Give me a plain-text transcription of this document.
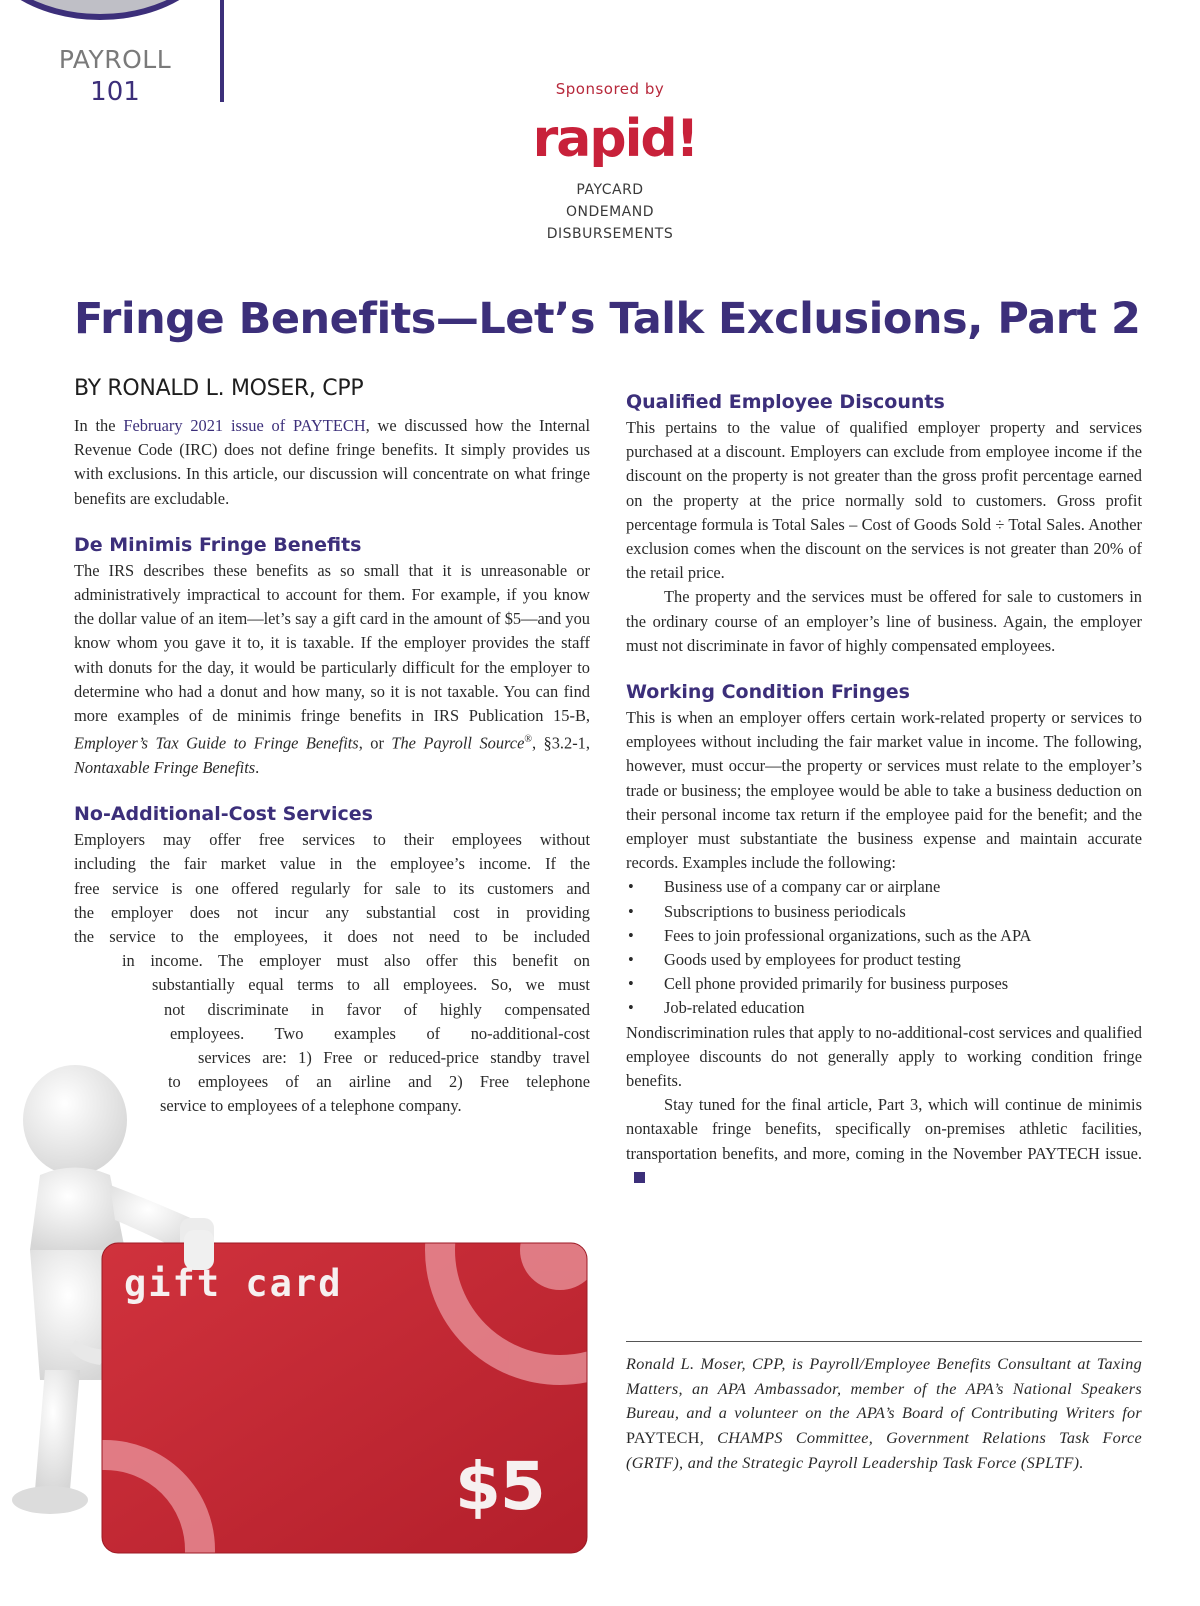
PAYROLL
101	Sponsored by
rapid!
PAYCARD
ONDEMAND
DISBURSEMENTS
Fringe Benefits—Let’s Talk Exclusions, Part 2
BY RONALD L. MOSER, CPP
gift card
$5

In the February 2021 issue of PAYTECH, we discussed how the Internal Revenue Code (IRC) does not define fringe benefits. It simply provides us with exclusions. In this article, our discussion will concentrate on what fringe benefits are excludable.

De Minimis Fringe Benefits

The IRS describes these benefits as so small that it is unreasonable or administratively impractical to account for them. For example, if you know the dollar value of an item—let’s say a gift card in the amount of $5—and you know whom you gave it to, it is taxable. If the employer provides the staff with donuts for the day, it would be particularly difficult for the employer to determine who had a donut and how many, so it is not taxable. You can find more examples of de minimis fringe benefits in IRS Publication 15-B, Employer’s Tax Guide to Fringe Benefits, or The Payroll Source®, §3.2-1, Nontaxable Fringe Benefits.

No-Additional-Cost Services
Employers may offer free services to their employees without
including the fair market value in the employee’s income. If the
free service is one offered regularly for sale to its customers and
the employer does not incur any substantial cost in providing
the service to the employees, it does not need to be included
in income. The employer must also offer this benefit on
substantially equal terms to all employees. So, we must
not discriminate in favor of highly compensated
employees. Two examples of no-additional-cost
services are: 1) Free or reduced-price standby travel
to employees of an airline and 2) Free telephone
service to employees of a telephone company.
Qualified Employee Discounts

This pertains to the value of qualified employer property and services purchased at a discount. Employers can exclude from employee income if the discount on the property is not greater than the gross profit percentage earned on the property at the price normally sold to customers. Gross profit percentage formula is Total Sales – Cost of Goods Sold ÷ Total Sales. Another exclusion comes when the discount on the services is not greater than 20% of the retail price.

The property and the services must be offered for sale to customers in the ordinary course of an employer’s line of business. Again, the employer must not discriminate in favor of highly compensated employees.

Working Condition Fringes

This is when an employer offers certain work-related property or services to employees without including the fair market value in income. The following, however, must occur—the property or services must relate to the employer’s trade or business; the employee would be able to take a business deduction on their personal income tax return if the employee paid for the benefit; and the employer must substantiate the business expense and maintain accurate records. Examples include the following:

• Business use of a company car or airplane
• Subscriptions to business periodicals
• Fees to join professional organizations, such as the APA
• Goods used by employees for product testing
• Cell phone provided primarily for business purposes
• Job-related education

Nondiscrimination rules that apply to no-additional-cost services and qualified employee discounts do not generally apply to working condition fringe benefits.

Stay tuned for the final article, Part 3, which will continue de minimis nontaxable fringe benefits, specifically on-premises athletic facilities, transportation benefits, and more, coming in the November PAYTECH issue.

Ronald L. Moser, CPP, is Payroll/Employee Benefits Consultant at Taxing Matters, an APA Ambassador, member of the APA’s National Speakers Bureau, and a volunteer on the APA’s Board of Contributing Writers for PAYTECH, CHAMPS Committee, Government Relations Task Force (GRTF), and the Strategic Payroll Leadership Task Force (SPLTF).
